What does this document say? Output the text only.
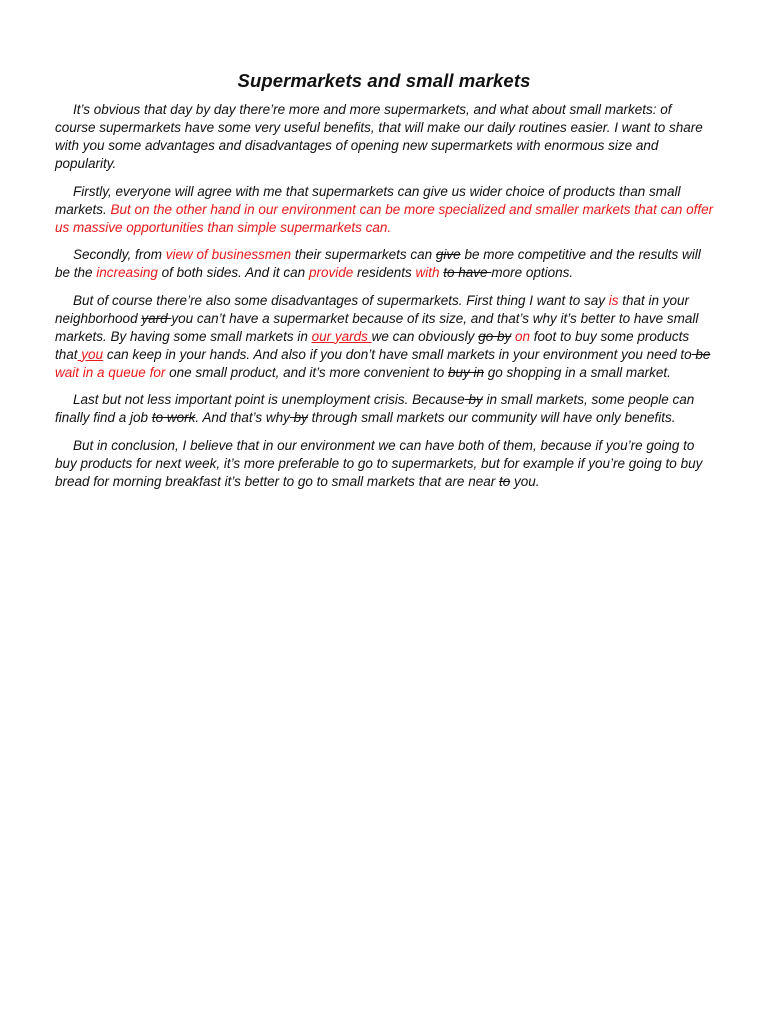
Supermarkets and small markets

It’s obvious that day by day there’re more and more supermarkets, and what about small markets: of course supermarkets have some very useful benefits, that will make our daily routines easier. I want to share with you some advantages and disadvantages of opening new supermarkets with enormous size and popularity.

Firstly, everyone will agree with me that supermarkets can give us wider choice of products than small markets. But on the other hand in our environment can be more specialized and smaller markets that can offer us massive opportunities than simple supermarkets can.

Secondly, from view of businessmen their supermarkets can give be more competitive and the results will be the increasing of both sides. And it can provide residents with to have more options.

But of course there’re also some disadvantages of supermarkets. First thing I want to say is that in your neighborhood yard you can’t have a supermarket because of its size, and that’s why it’s better to have small markets. By having some small markets in our yards we can obviously go by on foot to buy some products that you can keep in your hands. And also if you don’t have small markets in your environment you need to be wait in a queue for one small product, and it’s more convenient to buy in go shopping in a small market.

Last but not less important point is unemployment crisis. Because by in small markets, some people can finally find a job to work. And that’s why by through small markets our community will have only benefits.

But in conclusion, I believe that in our environment we can have both of them, because if you’re going to buy products for next week, it’s more preferable to go to supermarkets, but for example if you’re going to buy bread for morning breakfast it’s better to go to small markets that are near to you.
